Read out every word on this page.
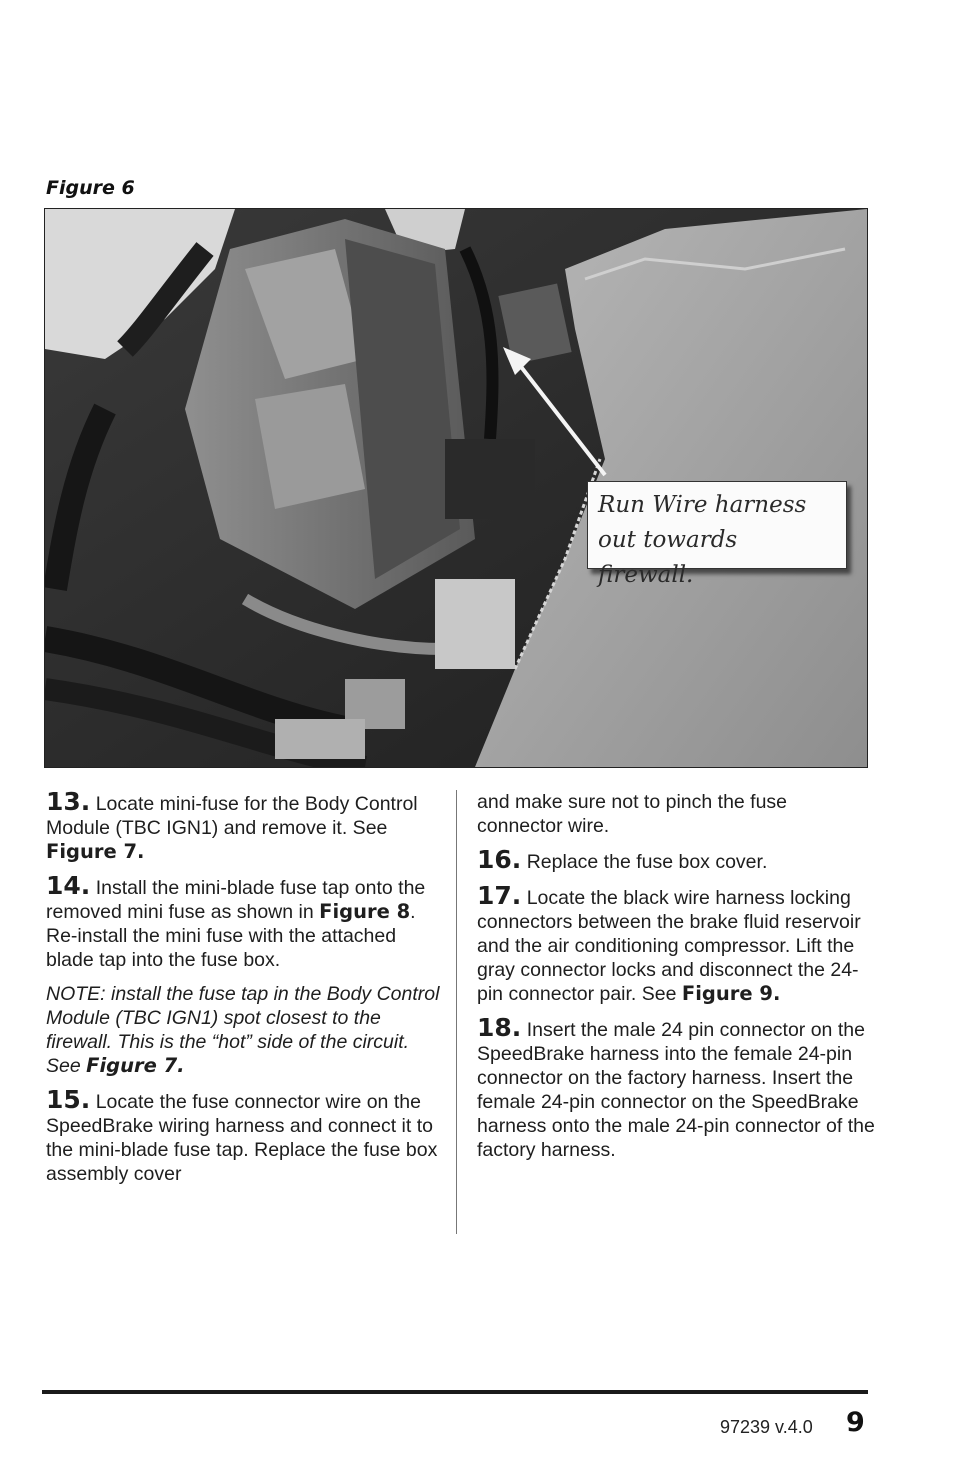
Figure 6
Run Wire harness
out towards firewall.

13. Locate mini-fuse for the Body Control Module (TBC IGN1) and remove it. See Figure 7.

14. Install the mini-blade fuse tap onto the removed mini fuse as shown in Figure 8. Re-install the mini fuse with the attached blade tap into the fuse box.

NOTE: install the fuse tap in the Body Control Module (TBC IGN1) spot closest to the firewall. This is the “hot” side of the circuit. See Figure 7.

15. Locate the fuse connector wire on the SpeedBrake wiring harness and connect it to the mini-blade fuse tap. Replace the fuse box assembly cover

and make sure not to pinch the fuse connector wire.

16. Replace the fuse box cover.

17. Locate the black wire harness locking connectors between the brake fluid reservoir and the air conditioning compressor. Lift the gray connector locks and disconnect the 24-pin connector pair. See Figure 9.

18. Insert the male 24 pin connector on the SpeedBrake harness into the female 24-pin connector on the factory harness. Insert the female 24-pin connector on the SpeedBrake harness onto the male 24-pin connector of the factory harness.

97239 v.4.0 9
